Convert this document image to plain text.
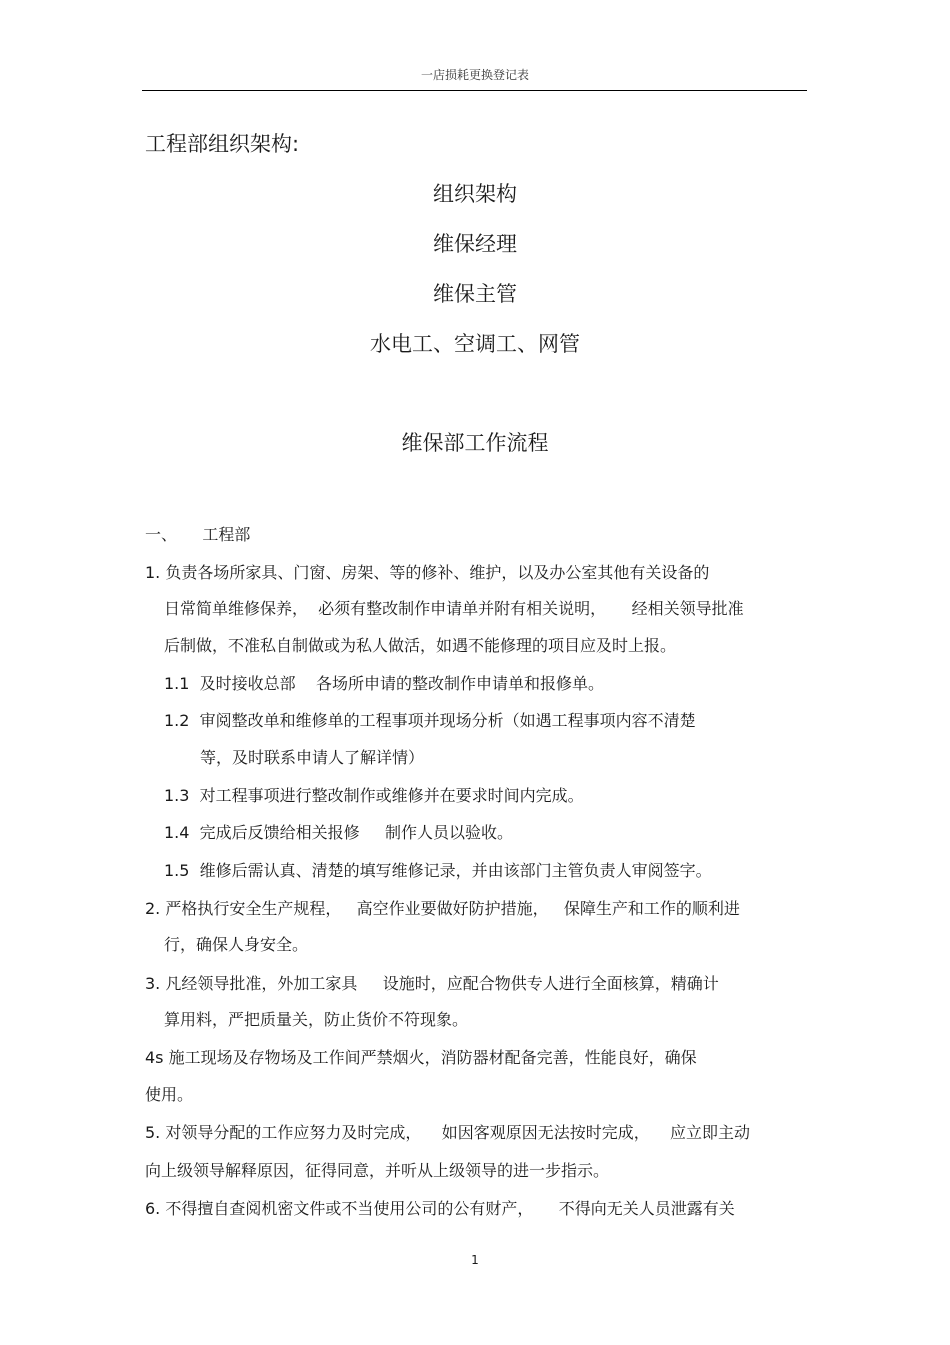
一店损耗更换登记表
工程部组织架构:
组织架构
维保经理
维保主管
水电工、空调工、网管
维保部工作流程
一、     工程部
1. 负责各场所家具、门窗、房架、等的修补、维护，以及办公室其他有关设备的
日常简单维修保养，  必须有整改制作申请单并附有相关说明，     经相关领导批准
后制做，不准私自制做或为私人做活，如遇不能修理的项目应及时上报。
1.1  及时接收总部    各场所申请的整改制作申请单和报修单。
1.2  审阅整改单和维修单的工程事项并现场分析（如遇工程事项内容不清楚
等，及时联系申请人了解详情）
1.3  对工程事项进行整改制作或维修并在要求时间内完成。
1.4  完成后反馈给相关报修     制作人员以验收。
1.5  维修后需认真、清楚的填写维修记录，并由该部门主管负责人审阅签字。
2. 严格执行安全生产规程，   高空作业要做好防护措施，   保障生产和工作的顺利进
行，确保人身安全。
3. 凡经领导批准，外加工家具     设施时，应配合物供专人进行全面核算，精确计
算用料，严把质量关，防止货价不符现象。
4s 施工现场及存物场及工作间严禁烟火，消防器材配备完善，性能良好，确保
使用。
5. 对领导分配的工作应努力及时完成，    如因客观原因无法按时完成，    应立即主动
向上级领导解释原因，征得同意，并听从上级领导的进一步指示。
6. 不得擅自查阅机密文件或不当使用公司的公有财产，     不得向无关人员泄露有关
1
